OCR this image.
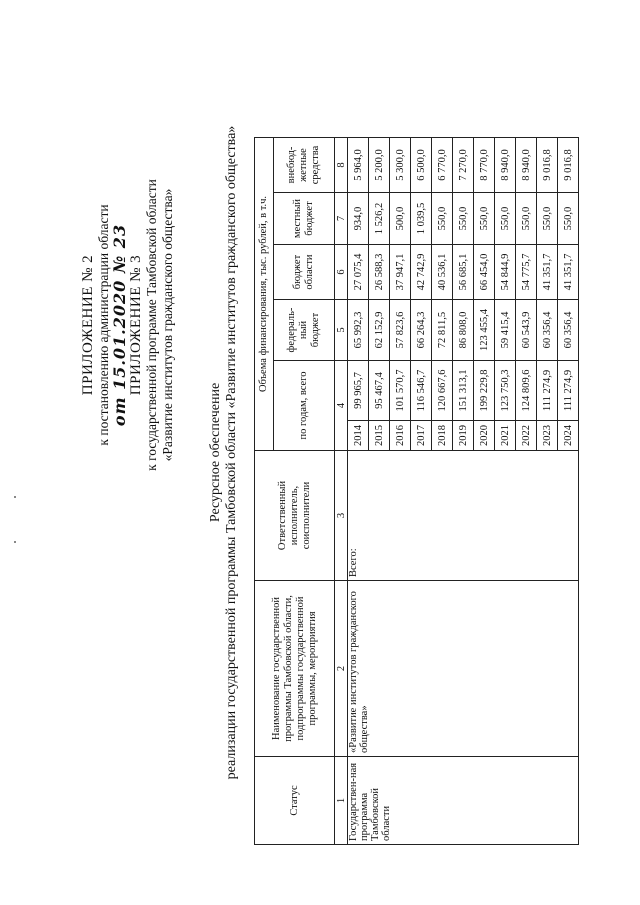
ПРИЛОЖЕНИЕ № 2 к постановлению администрации области от 15.01.2020 № 23 ПРИЛОЖЕНИЕ № 3 к государственной программе Тамбовской области «Развитие институтов гражданского общества» Ресурсное обеспечение реализации государственной программы Тамбовской области «Развитие институтов гражданского общества»
Статус	Наименование государственной программы Тамбовской области, подпрограммы государственной программы, мероприятия	Ответственный исполнитель, соисполнители	Объема финансирования, тыс. рублей, в т.ч.					
			по годам, всего		федераль-ный бюджет	бюджет области	местный бюджет	внебюд-жетные средства
1	2	3	4		5	6	7	8
Государствен-ная программа Тамбовской области	«Развитие институтов гражданского общества»	Всего:	2014	99 965,7	65 992,3	27 075,4	934,0	5 964,0
			2015	95 467,4	62 152,9	26 588,3	1 526,2	5 200,0
			2016	101 570,7	57 823,6	37 947,1	500,0	5 300,0
			2017	116 546,7	66 264,3	42 742,9	1 039,5	6 500,0
			2018	120 667,6	72 811,5	40 536,1	550,0	6 770,0
			2019	151 313,1	86 808,0	56 685,1	550,0	7 270,0
			2020	199 229,8	123 455,4	66 454,0	550,0	8 770,0
			2021	123 750,3	59 415,4	54 844,9	550,0	8 940,0
			2022	124 809,6	60 543,9	54 775,7	550,0	8 940,0
			2023	111 274,9	60 356,4	41 351,7	550,0	9 016,8
			2024	111 274,9	60 356,4	41 351,7	550,0	9 016,8
